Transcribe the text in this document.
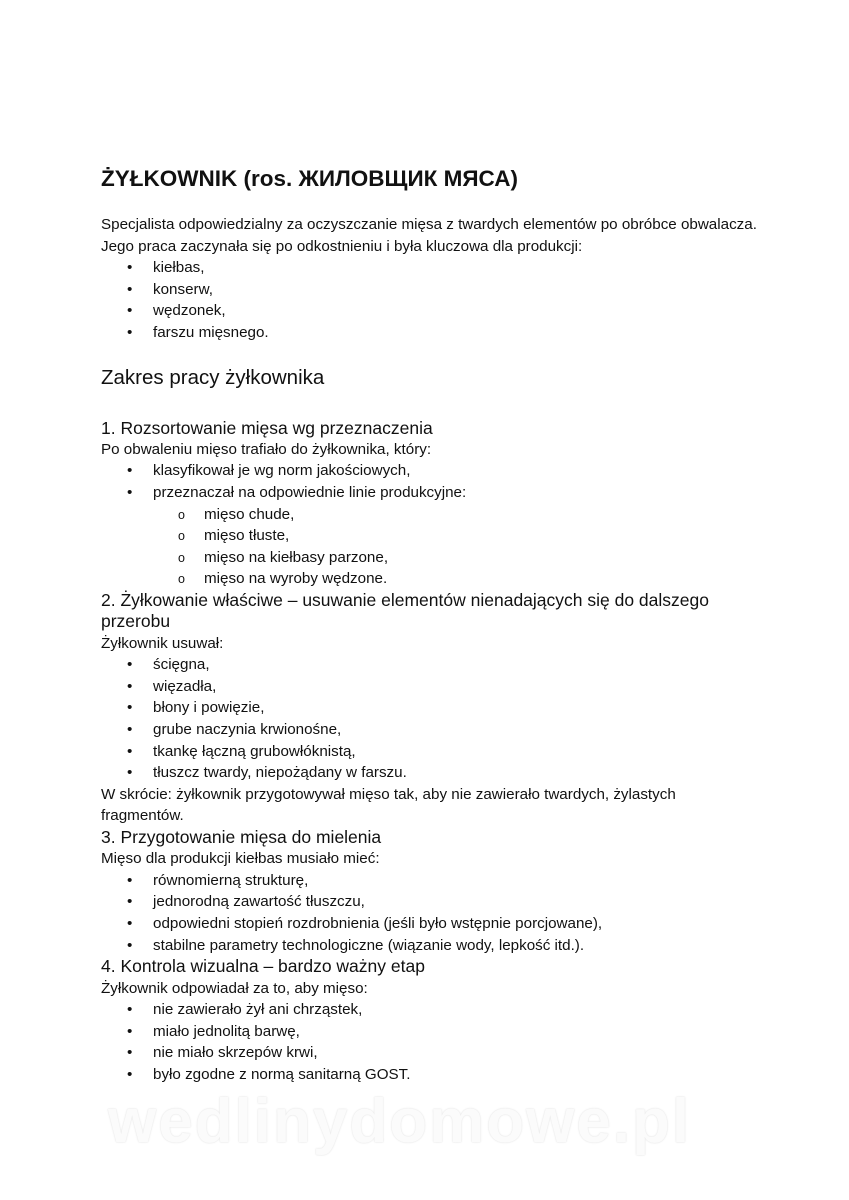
ŻYŁKOWNIK (ros. ЖИЛОВЩИК МЯСА)

Specjalista odpowiedzialny za oczyszczanie mięsa z twardych elementów po obróbce obwalacza.

Jego praca zaczynała się po odkostnieniu i była kluczowa dla produkcji:

• kiełbas,
• konserw,
• wędzonek,
• farszu mięsnego.
Zakres pracy żyłkownika
1. Rozsortowanie mięsa wg przeznaczenia

Po obwaleniu mięso trafiało do żyłkownika, który:

• klasyfikował je wg norm jakościowych,
• przeznaczał na odpowiednie linie produkcyjne:
o mięso chude,
o mięso tłuste,
o mięso na kiełbasy parzone,
o mięso na wyroby wędzone.
2. Żyłkowanie właściwe – usuwanie elementów nienadających się do dalszego przerobu

Żyłkownik usuwał:

• ścięgna,
• więzadła,
• błony i powięzie,
• grube naczynia krwionośne,
• tkankę łączną grubowłóknistą,
• tłuszcz twardy, niepożądany w farszu.

W skrócie: żyłkownik przygotowywał mięso tak, aby nie zawierało twardych, żylastych fragmentów.

3. Przygotowanie mięsa do mielenia

Mięso dla produkcji kiełbas musiało mieć:

• równomierną strukturę,
• jednorodną zawartość tłuszczu,
• odpowiedni stopień rozdrobnienia (jeśli było wstępnie porcjowane),
• stabilne parametry technologiczne (wiązanie wody, lepkość itd.).
4. Kontrola wizualna – bardzo ważny etap

Żyłkownik odpowiadał za to, aby mięso:

• nie zawierało żył ani chrząstek,
• miało jednolitą barwę,
• nie miało skrzepów krwi,
• było zgodne z normą sanitarną GOST.
wedlinydomowe.pl
